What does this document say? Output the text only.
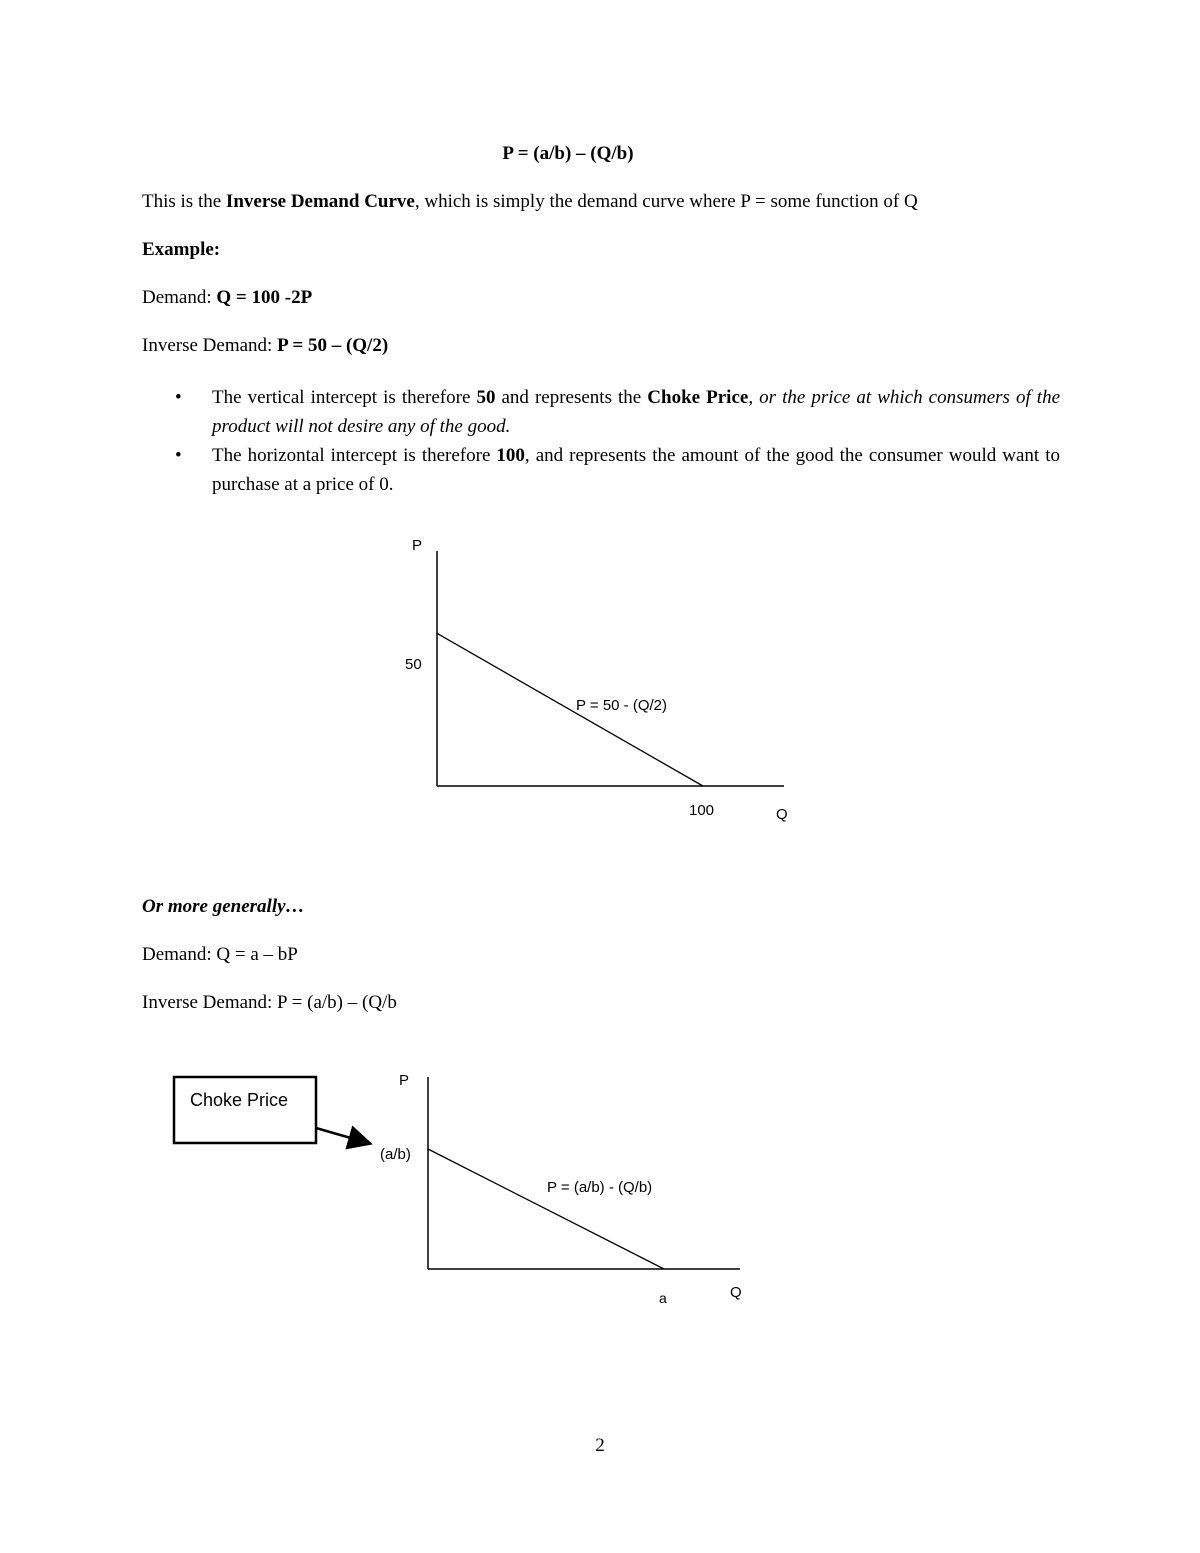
P = (a/b) – (Q/b)

This is the Inverse Demand Curve, which is simply the demand curve where P = some function of Q

Example:

Demand: Q = 100 -2P

Inverse Demand: P = 50 – (Q/2)

• The vertical intercept is therefore 50 and represents the Choke Price, or the price at which consumers of the product will not desire any of the good.
• The horizontal intercept is therefore 100, and represents the amount of the good the consumer would want to purchase at a price of 0.
P
50
100	Q
P = 50 - (Q/2)

Or more generally…

Demand: Q = a – bP

Inverse Demand: P = (a/b) – (Q/b

P
(a/b)
a	Q
P = (a/b) - (Q/b)
Choke Price

2
